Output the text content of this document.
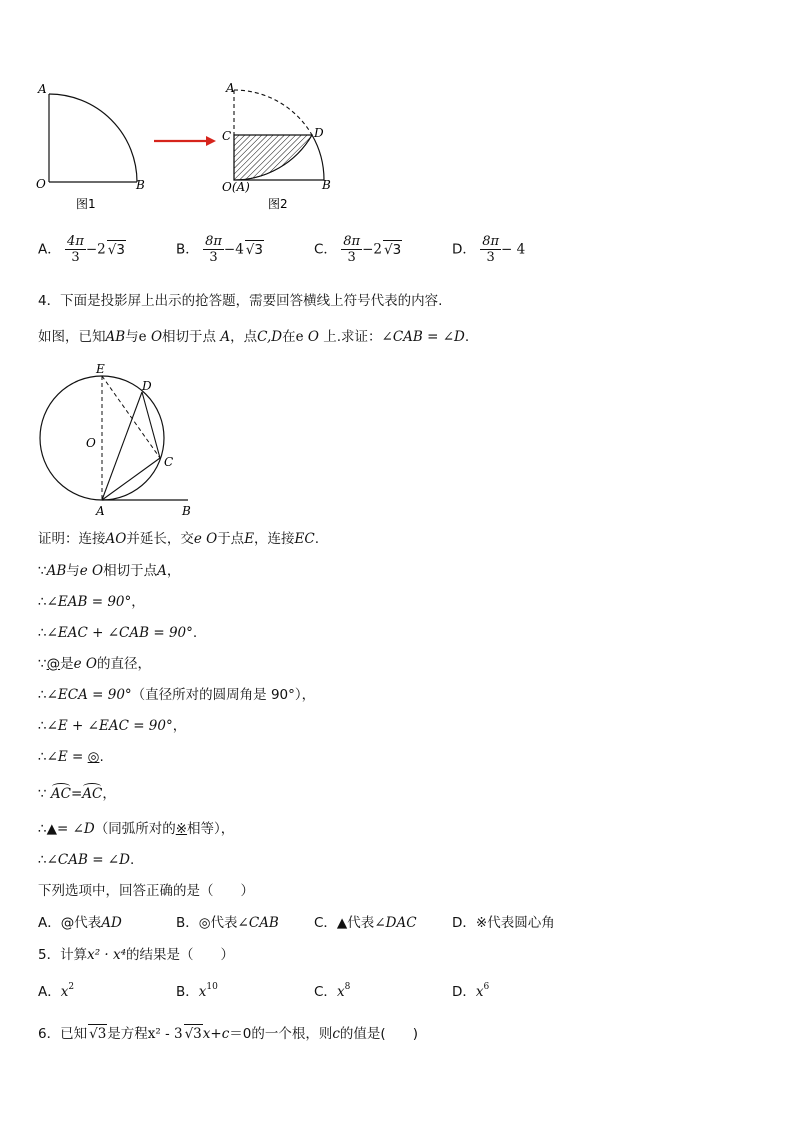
A
O	B
图1
A
C	D
O(A)	B
图2
A． $\frac{4\pi}{3} -2$ √3	B． $\frac{8\pi}{3} -4$ √3	C． $\frac{8\pi}{3} -2$ √3	D． $\frac{8\pi}{3} - 4$
4．下面是投影屏上出示的抢答题，需要回答横线上符号代表的内容.
如图，已知AB与e O相切于点 A，点C,D在e O 上.求证：∠CAB = ∠D.
E
D
O
C
A	B
证明：连接AO并延长，交e O于点E，连接EC.
∵AB与e O相切于点A，
∴∠EAB = 90°，
∴∠EAC + ∠CAB = 90°.
∵@是e O的直径，
∴∠ECA = 90°（直径所对的圆周角是 90°），
∴∠E + ∠EAC = 90°，
∴∠E = ◎.
∵ AC=AC，
∴▲= ∠D（同弧所对的※相等），
∴∠CAB = ∠D.
下列选项中，回答正确的是（　　）
A．@代表AD	B．◎代表∠CAB	C．▲代表∠DAC	D．※代表圆心角
5．计算x² · x⁴的结果是（　　）
A．$x^2$	B．$x^{10}$	C．$x^8$	D．$x^6$
6．已知 √3是方程x² - 3 √3x+c＝0的一个根，则c的值是(　　)
